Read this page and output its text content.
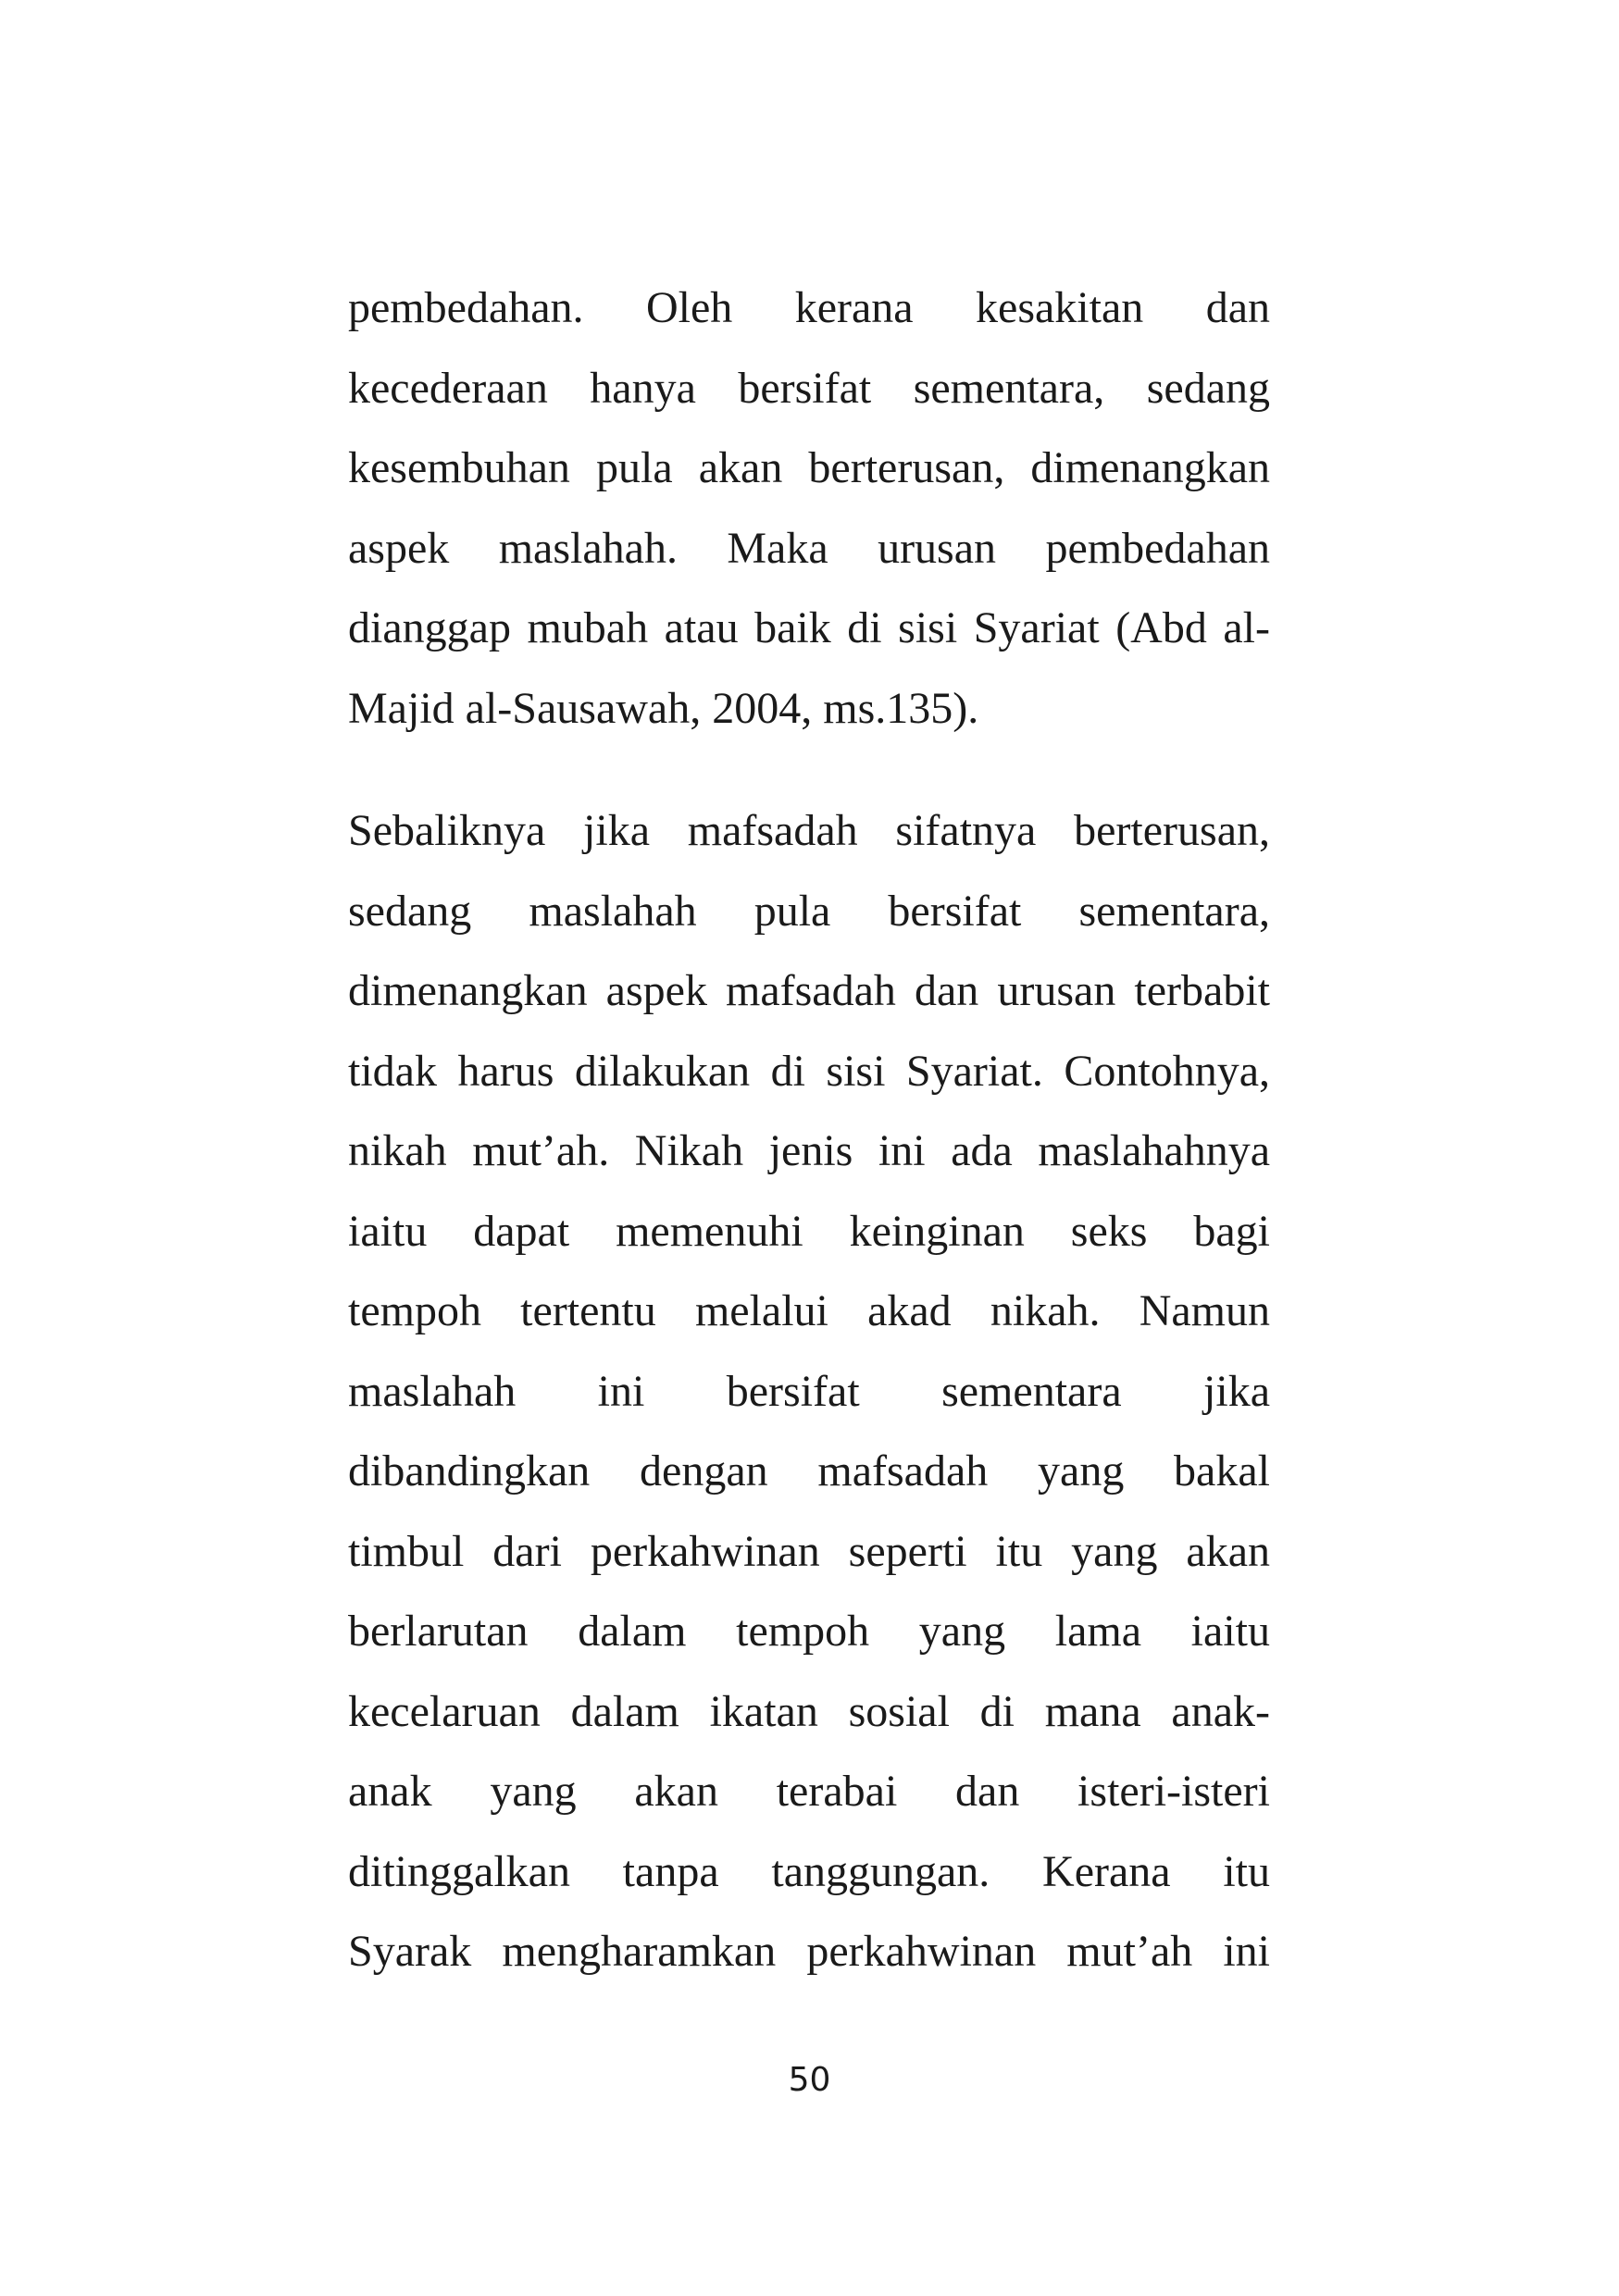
pembedahan. Oleh kerana kesakitan dan
kecederaan hanya bersifat sementara, sedang
kesembuhan pula akan berterusan, dimenangkan
aspek maslahah. Maka urusan pembedahan
dianggap mubah atau baik di sisi Syariat (Abd al-
Majid al-Sausawah, 2004, ms.135).
Sebaliknya jika mafsadah sifatnya berterusan,
sedang maslahah pula bersifat sementara,
dimenangkan aspek mafsadah dan urusan terbabit
tidak harus dilakukan di sisi Syariat. Contohnya,
nikah mut’ah. Nikah jenis ini ada maslahahnya
iaitu dapat memenuhi keinginan seks bagi
tempoh tertentu melalui akad nikah. Namun
maslahah ini bersifat sementara jika
dibandingkan dengan mafsadah yang bakal
timbul dari perkahwinan seperti itu yang akan
berlarutan dalam tempoh yang lama iaitu
kecelaruan dalam ikatan sosial di mana anak-
anak yang akan terabai dan isteri-isteri
ditinggalkan tanpa tanggungan. Kerana itu
Syarak mengharamkan perkahwinan mut’ah ini
50
